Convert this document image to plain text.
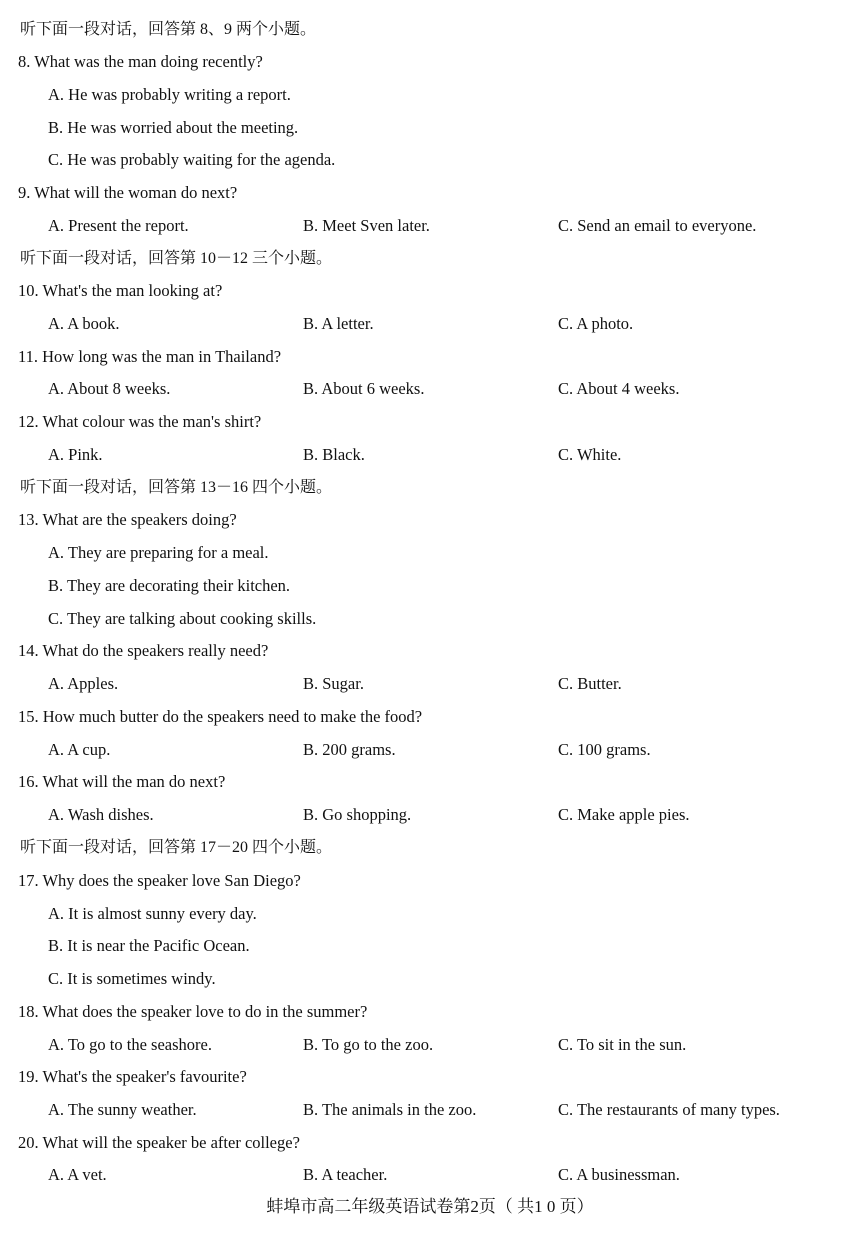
听下面一段对话，回答第 8、9 两个小题。
8. What was the man doing recently?
A. He was probably writing a report.
B. He was worried about the meeting.
C. He was probably waiting for the agenda.
9. What will the woman do next?
A. Present the report.	B. Meet Sven later.	C. Send an email to everyone.
听下面一段对话，回答第 10－12 三个小题。
10. What's the man looking at?
A. A book.	B. A letter.	C. A photo.
11. How long was the man in Thailand?
A. About 8 weeks.	B. About 6 weeks.	C. About 4 weeks.
12. What colour was the man's shirt?
A. Pink.	B. Black.	C. White.
听下面一段对话，回答第 13－16 四个小题。
13. What are the speakers doing?
A. They are preparing for a meal.
B. They are decorating their kitchen.
C. They are talking about cooking skills.
14. What do the speakers really need?
A. Apples.	B. Sugar.	C. Butter.
15. How much butter do the speakers need to make the food?
A. A cup.	B. 200 grams.	C. 100 grams.
16. What will the man do next?
A. Wash dishes.	B. Go shopping.	C. Make apple pies.
听下面一段对话，回答第 17－20 四个小题。
17. Why does the speaker love San Diego?
A. It is almost sunny every day.
B. It is near the Pacific Ocean.
C. It is sometimes windy.
18. What does the speaker love to do in the summer?
A. To go to the seashore.	B. To go to the zoo.	C. To sit in the sun.
19. What's the speaker's favourite?
A. The sunny weather.	B. The animals in the zoo.	C. The restaurants of many types.
20. What will the speaker be after college?
A. A vet.	B. A teacher.	C. A businessman.
蚌埠市高二年级英语试卷第2页（ 共1 0 页）
